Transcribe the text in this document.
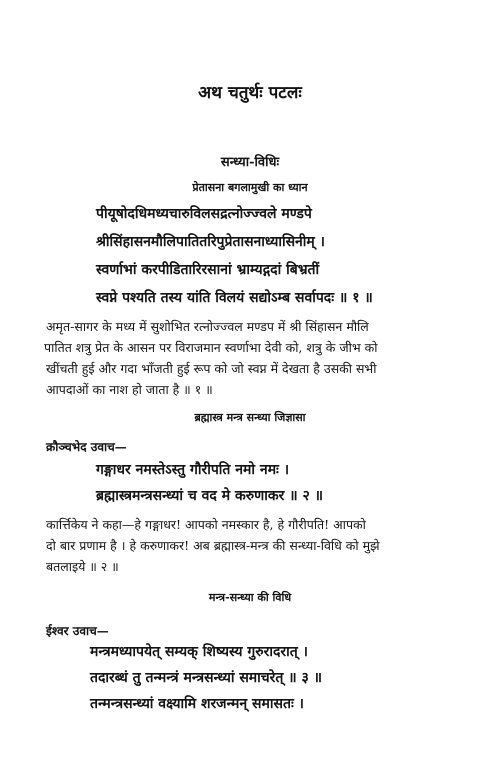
अथ चतुर्थः पटलः
सन्ध्या-विधिः
प्रेतासना बगलामुखी का ध्यान
पीयूषोदधिमध्यचारुविलसद्रत्नोज्ज्वले मण्डपे
श्रीसिंहासनमौलिपातितरिपुप्रेतासनाध्यासिनीम् ।
स्वर्णाभां करपीडितारिरसानां भ्राम्यद्गदां बिभ्रतीं
स्वप्ने पश्यति तस्य यांति विलयं सद्योऽम्ब सर्वापदः ॥ १ ॥
अमृत-सागर के मध्य में सुशोभित रत्नोज्ज्वल मण्डप में श्री सिंहासन मौलि
पातित शत्रु प्रेत के आसन पर विराजमान स्वर्णाभा देवी को, शत्रु के जीभ को
खींचती हुई और गदा भाँजती हुई रूप को जो स्वप्न में देखता है उसकी सभी
आपदाओं का नाश हो जाता है ॥ १ ॥
ब्रह्मास्त्र मन्त्र सन्ध्या जिज्ञासा
क्रौञ्चभेद उवाच—
गङ्गाधर नमस्तेऽस्तु गौरीपति नमो नमः ।
ब्रह्मास्त्रमन्त्रसन्ध्यां च वद मे करुणाकर ॥ २ ॥
कार्त्तिकेय ने कहा—हे गङ्गाधर! आपको नमस्कार है, हे गौरीपति! आपको
दो बार प्रणाम है । हे करुणाकर! अब ब्रह्मास्त्र-मन्त्र की सन्ध्या-विधि को मुझे
बतलाइये ॥ २ ॥
मन्त्र-सन्ध्या की विधि
ईश्वर उवाच—
मन्त्रमध्यापयेत् सम्यक् शिष्यस्य गुरुरादरात् ।
तदारब्धं तु तन्मन्त्रं मन्त्रसन्ध्यां समाचरेत् ॥ ३ ॥
तन्मन्त्रसन्ध्यां वक्ष्यामि शरजन्मन् समासतः ।
